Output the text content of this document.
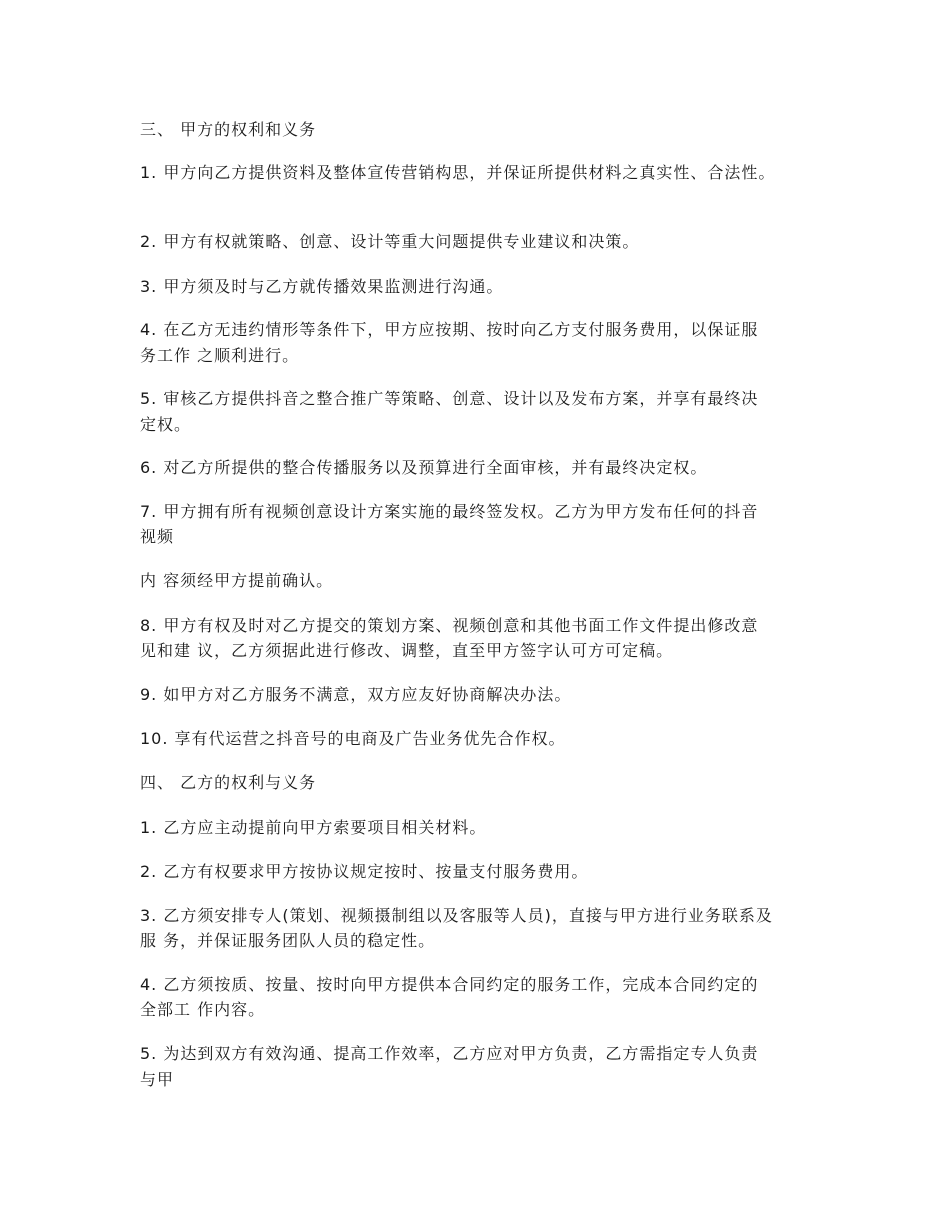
三、 甲方的权利和义务
1. 甲方向乙方提供资料及整体宣传营销构思，并保证所提供材料之真实性、合法性。
2. 甲方有权就策略、创意、设计等重大问题提供专业建议和决策。
3. 甲方须及时与乙方就传播效果监测进行沟通。
4. 在乙方无违约情形等条件下，甲方应按期、按时向乙方支付服务费用，以保证服
务工作 之顺利进行。
5. 审核乙方提供抖音之整合推广等策略、创意、设计以及发布方案，并享有最终决
定权。
6. 对乙方所提供的整合传播服务以及预算进行全面审核，并有最终决定权。
7. 甲方拥有所有视频创意设计方案实施的最终签发权。乙方为甲方发布任何的抖音
视频
内 容须经甲方提前确认。
8. 甲方有权及时对乙方提交的策划方案、视频创意和其他书面工作文件提出修改意
见和建 议，乙方须据此进行修改、调整，直至甲方签字认可方可定稿。
9. 如甲方对乙方服务不满意，双方应友好协商解决办法。
10. 享有代运营之抖音号的电商及广告业务优先合作权。
四、 乙方的权利与义务
1. 乙方应主动提前向甲方索要项目相关材料。
2. 乙方有权要求甲方按协议规定按时、按量支付服务费用。
3. 乙方须安排专人(策划、视频摄制组以及客服等人员)，直接与甲方进行业务联系及
服 务，并保证服务团队人员的稳定性。
4. 乙方须按质、按量、按时向甲方提供本合同约定的服务工作，完成本合同约定的
全部工 作内容。
5. 为达到双方有效沟通、提高工作效率，乙方应对甲方负责，乙方需指定专人负责
与甲
